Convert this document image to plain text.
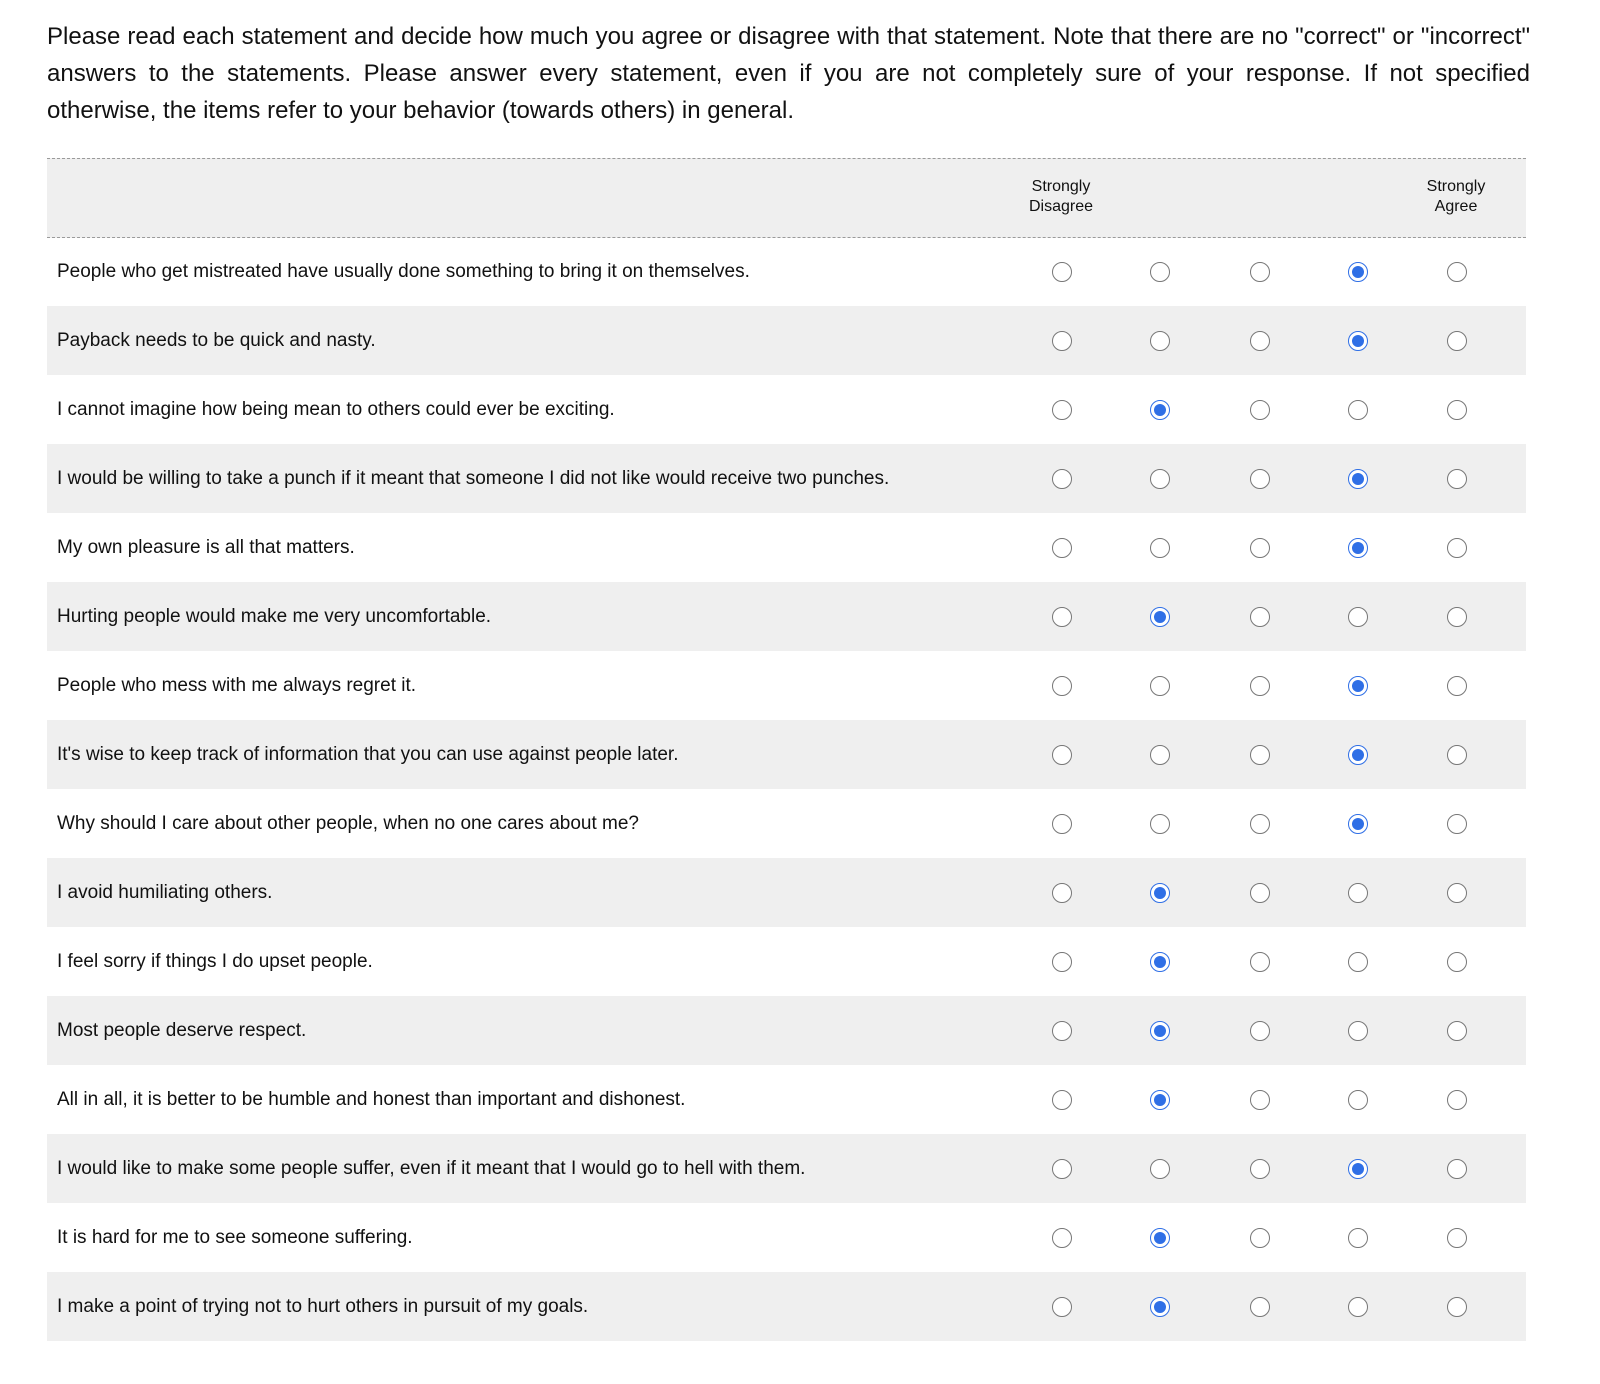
Please read each statement and decide how much you agree or disagree with that statement. Note that there are no "correct" or "incorrect" answers to the statements. Please answer every statement, even if you are not completely sure of your response. If not specified otherwise, the items refer to your behavior (towards others) in general.

Strongly
Disagree
Strongly
Agree
People who get mistreated have usually done something to bring it on themselves.
Payback needs to be quick and nasty.
I cannot imagine how being mean to others could ever be exciting.
I would be willing to take a punch if it meant that someone I did not like would receive two punches.
My own pleasure is all that matters.
Hurting people would make me very uncomfortable.
People who mess with me always regret it.
It's wise to keep track of information that you can use against people later.
Why should I care about other people, when no one cares about me?
I avoid humiliating others.
I feel sorry if things I do upset people.
Most people deserve respect.
All in all, it is better to be humble and honest than important and dishonest.
I would like to make some people suffer, even if it meant that I would go to hell with them.
It is hard for me to see someone suffering.
I make a point of trying not to hurt others in pursuit of my goals.
